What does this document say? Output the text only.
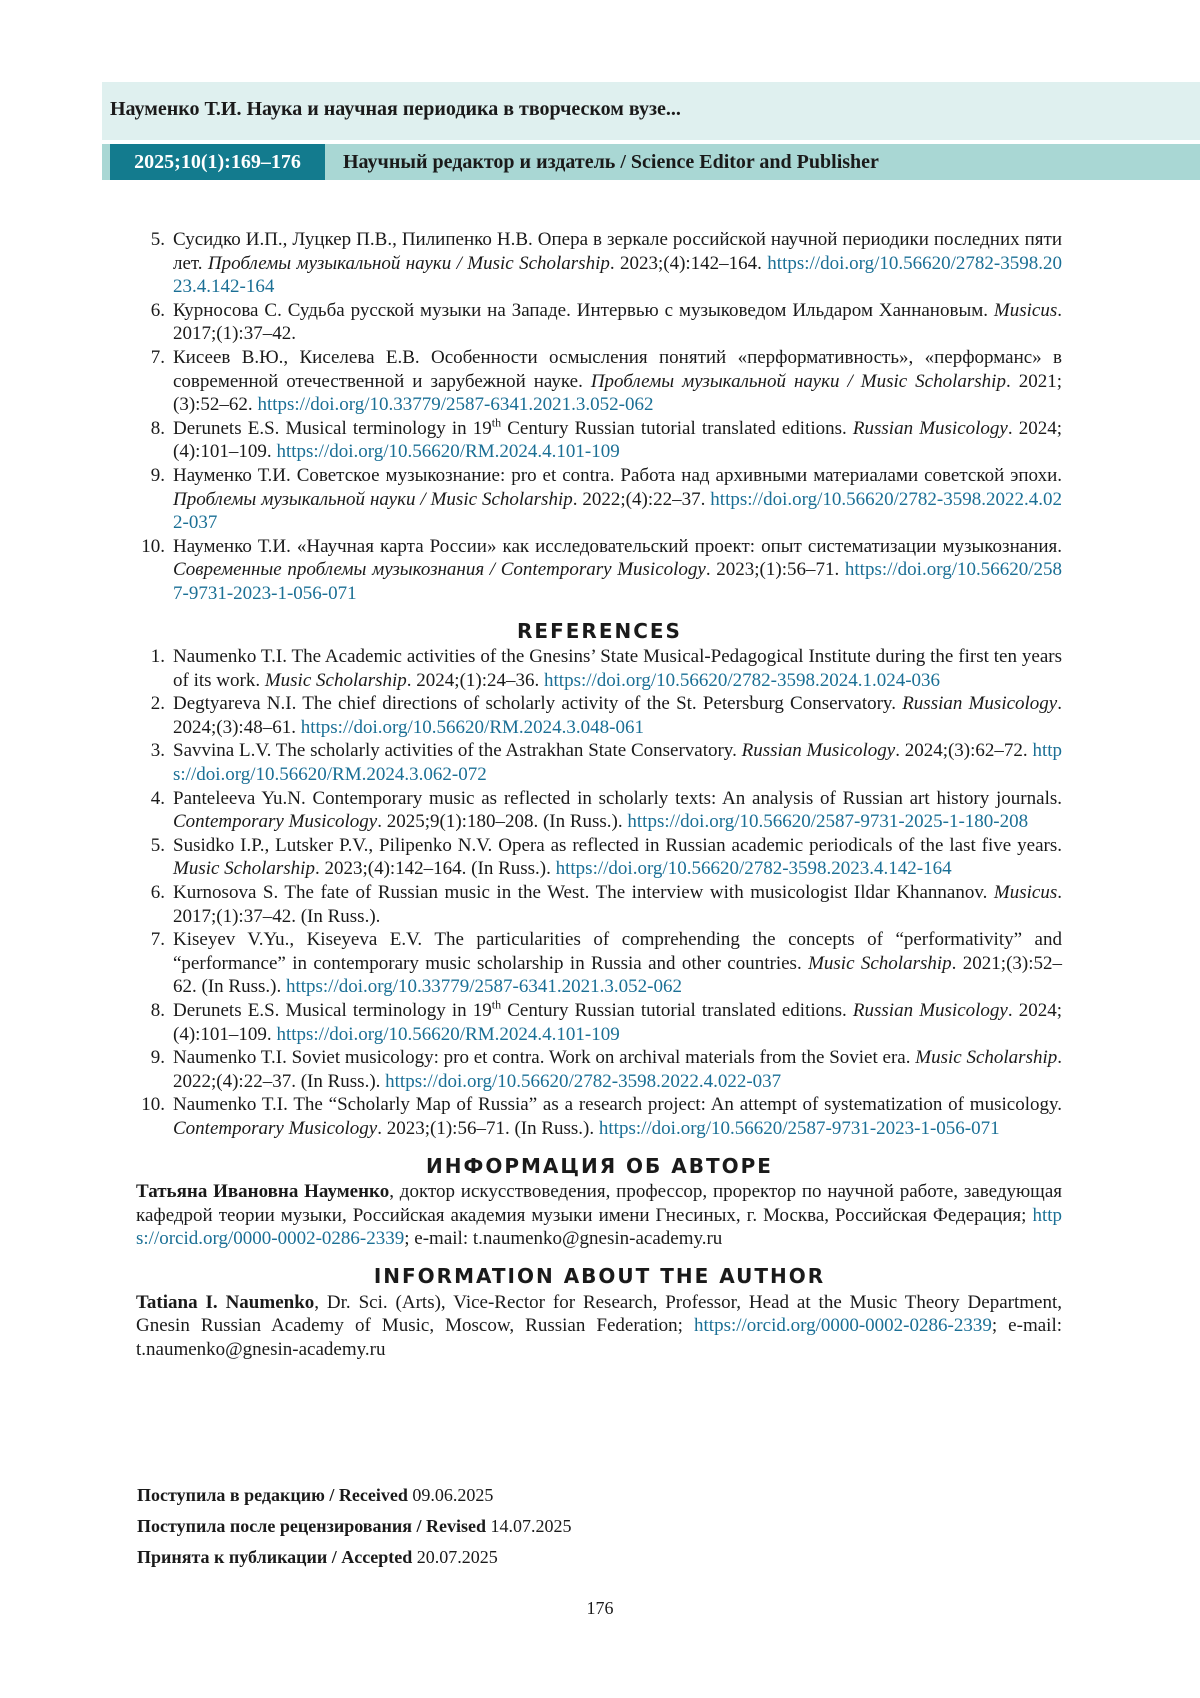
Науменко Т.И. Наука и научная периодика в творческом вузе...
2025;10(1):169–176	Научный редактор и издатель / Science Editor and Publisher
5. Сусидко И.П., Луцкер П.В., Пилипенко Н.В. Опера в зеркале российской научной периодики последних пяти лет. Проблемы музыкальной науки / Music Scholarship. 2023;(4):142–164. https://doi.org/10.56620/2782-3598.2023.4.142-164
6. Курносова С. Судьба русской музыки на Западе. Интервью с музыковедом Ильдаром Ханнановым. Musicus. 2017;(1):37–42.
7. Кисеев В.Ю., Киселева Е.В. Особенности осмысления понятий «перформативность», «перформанс» в современной отечественной и зарубежной науке. Проблемы музыкальной науки / Music Scholarship. 2021;(3):52–62. https://doi.org/10.33779/2587-6341.2021.3.052-062
8. Derunets E.S. Musical terminology in 19th Century Russian tutorial translated editions. Russian Musicology. 2024;(4):101–109. https://doi.org/10.56620/RM.2024.4.101-109
9. Науменко Т.И. Советское музыкознание: pro et contra. Работа над архивными материалами советской эпохи. Проблемы музыкальной науки / Music Scholarship. 2022;(4):22–37. https://doi.org/10.56620/2782-3598.2022.4.022-037
10. Науменко Т.И. «Научная карта России» как исследовательский проект: опыт систематизации музыкознания. Современные проблемы музыкознания / Contemporary Musicology. 2023;(1):56–71. https://doi.org/10.56620/2587-9731-2023-1-056-071
REFERENCES
1. Naumenko T.I. The Academic activities of the Gnesins’ State Musical-Pedagogical Institute during the first ten years of its work. Music Scholarship. 2024;(1):24–36. https://doi.org/10.56620/2782-3598.2024.1.024-036
2. Degtyareva N.I. The chief directions of scholarly activity of the St. Petersburg Conservatory. Russian Musicology. 2024;(3):48–61. https://doi.org/10.56620/RM.2024.3.048-061
3. Savvina L.V. The scholarly activities of the Astrakhan State Conservatory. Russian Musicology. 2024;(3):62–72. https://doi.org/10.56620/RM.2024.3.062-072
4. Panteleeva Yu.N. Contemporary music as reflected in scholarly texts: An analysis of Russian art history journals. Contemporary Musicology. 2025;9(1):180–208. (In Russ.). https://doi.org/10.56620/2587-9731-2025-1-180-208
5. Susidko I.P., Lutsker P.V., Pilipenko N.V. Opera as reflected in Russian academic periodicals of the last five years. Music Scholarship. 2023;(4):142–164. (In Russ.). https://doi.org/10.56620/2782-3598.2023.4.142-164
6. Kurnosova S. The fate of Russian music in the West. The interview with musicologist Ildar Khannanov. Musicus. 2017;(1):37–42. (In Russ.).
7. Kiseyev V.Yu., Kiseyeva E.V. The particularities of comprehending the concepts of “performativity” and “performance” in contemporary music scholarship in Russia and other countries. Music Scholarship. 2021;(3):52–62. (In Russ.). https://doi.org/10.33779/2587-6341.2021.3.052-062
8. Derunets E.S. Musical terminology in 19th Century Russian tutorial translated editions. Russian Musicology. 2024;(4):101–109. https://doi.org/10.56620/RM.2024.4.101-109
9. Naumenko T.I. Soviet musicology: pro et contra. Work on archival materials from the Soviet era. Music Scholarship. 2022;(4):22–37. (In Russ.). https://doi.org/10.56620/2782-3598.2022.4.022-037
10. Naumenko T.I. The “Scholarly Map of Russia” as a research project: An attempt of systematization of musicology. Contemporary Musicology. 2023;(1):56–71. (In Russ.). https://doi.org/10.56620/2587-9731-2023-1-056-071
ИНФОРМАЦИЯ ОБ АВТОРЕ
Татьяна Ивановна Науменко, доктор искусствоведения, профессор, проректор по научной работе, заведующая кафедрой теории музыки, Российская академия музыки имени Гнесиных, г. Москва, Российская Федерация; https://orcid.org/0000-0002-0286-2339; e-mail: t.naumenko@gnesin-academy.ru
INFORMATION ABOUT THE AUTHOR
Tatiana I. Naumenko, Dr. Sci. (Arts), Vice-Rector for Research, Professor, Head at the Music Theory Department, Gnesin Russian Academy of Music, Moscow, Russian Federation; https://orcid.org/0000-0002-0286-2339; e-mail: t.naumenko@gnesin-academy.ru
Поступила в редакцию / Received 09.06.2025
Поступила после рецензирования / Revised 14.07.2025
Принята к публикации / Accepted 20.07.2025
176
